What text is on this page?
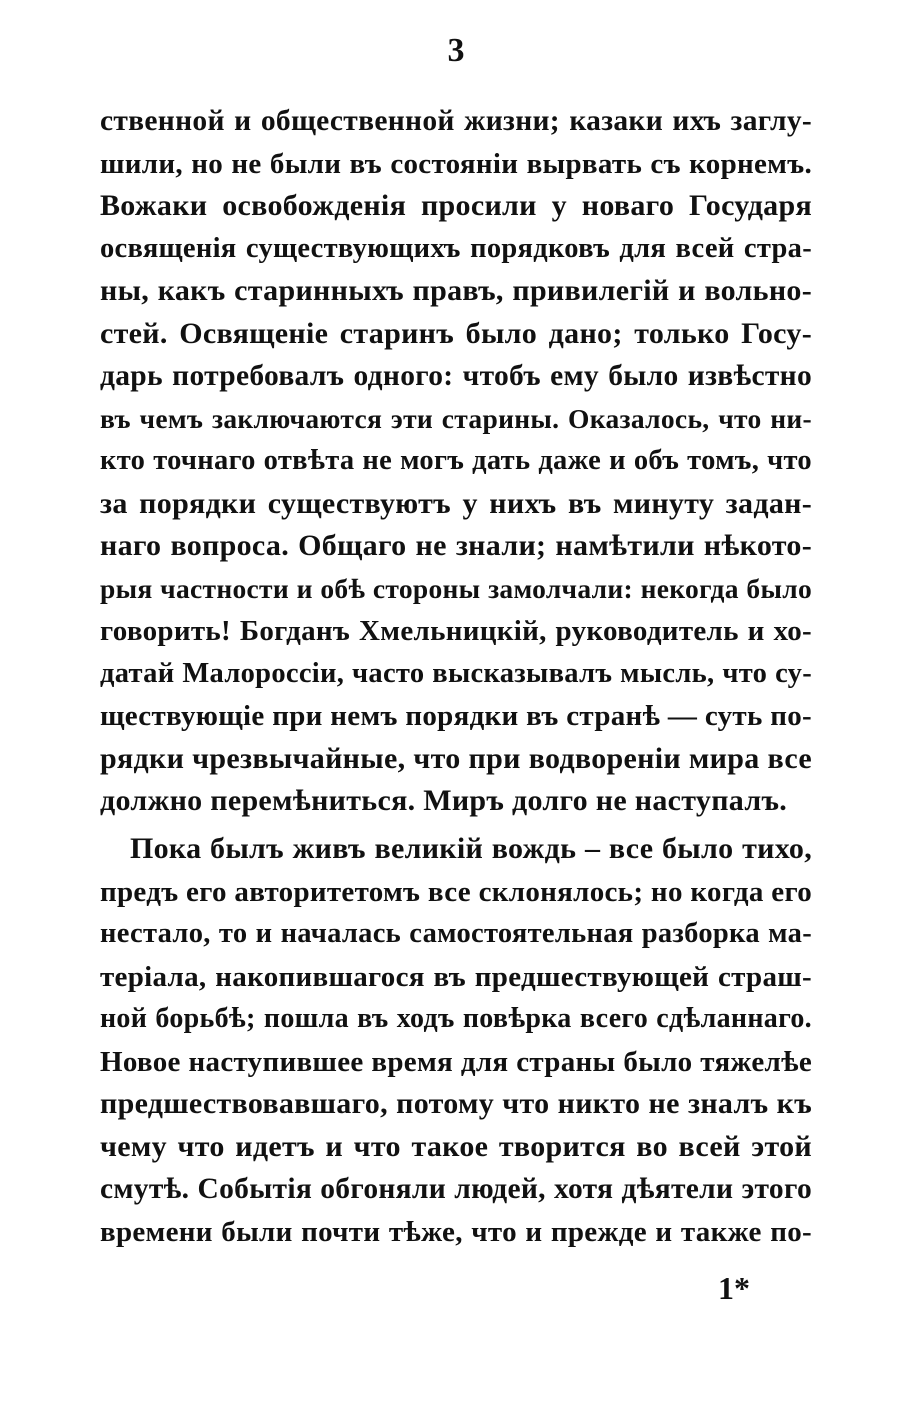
3
ственной и общественной жизни; казаки ихъ заглу-
шили, но не были въ состоянiи вырвать съ корнемъ.
Вожаки освобожденiя просили у новаго Государя
освященiя существующихъ порядковъ для всей стра-
ны, какъ старинныхъ правъ, привилегiй и вольно-
стей. Освященiе старинъ было дано; только Госу-
дарь потребовалъ одного: чтобъ ему было извѣстно
въ чемъ заключаются эти старины. Оказалось, что ни-
кто точнаго отвѣта не могъ дать даже и объ томъ, что
за порядки существуютъ у нихъ въ минуту задан-
наго вопроса. Общаго не знали; намѣтили нѣкото-
рыя частности и обѣ стороны замолчали: некогда было
говорить! Богданъ Хмельницкiй, руководитель и хо-
датай Малороссiи, часто высказывалъ мысль, что су-
ществующiе при немъ порядки въ странѣ — суть по-
рядки чрезвычайные, что при водворенiи мира все
должно перемѣниться. Миръ долго не наступалъ.
Пока былъ живъ великiй вождь – все было тихо,
предъ его авторитетомъ все склонялось; но когда его
нестало, то и началась самостоятельная разборка ма-
терiала, накопившагося въ предшествующей страш-
ной борьбѣ; пошла въ ходъ повѣрка всего сдѣланнаго.
Новое наступившее время для страны было тяжелѣе
предшествовавшаго, потому что никто не зналъ къ
чему что идетъ и что такое творится во всей этой
смутѣ. Событiя обгоняли людей, хотя дѣятели этого
времени были почти тѣже, что и прежде и также по-
1*
